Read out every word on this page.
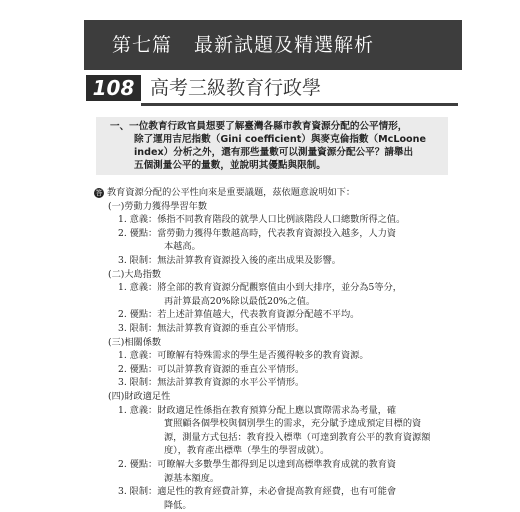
第七篇 最新試題及精選解析
108 高考三級教育行政學
一、一位教育行政官員想要了解臺灣各縣市教育資源分配的公平情形，
除了運用吉尼指數（Gini coefficient）與麥克倫指數（McLoone
index）分析之外，還有那些量數可以測量資源分配公平？請舉出
五個測量公平的量數，並說明其優點與限制。
答 教育資源分配的公平性向來是重要議題，茲依題意說明如下：
(一)勞動力獲得學習年數
1. 意義：係指不同教育階段的就學人口比例該階段人口總數所得之值。
2. 優點：當勞動力獲得年數越高時，代表教育資源投入越多，人力資
本越高。
3. 限制：無法計算教育資源投入後的產出成果及影響。
(二)大島指數
1. 意義：將全部的教育資源分配觀察值由小到大排序，並分為5等分，
再計算最高20%除以最低20%之值。
2. 優點：若上述計算值越大，代表教育資源分配越不平均。
3. 限制：無法計算教育資源的垂直公平情形。
(三)相關係數
1. 意義：可瞭解有特殊需求的學生是否獲得較多的教育資源。
2. 優點：可以計算教育資源的垂直公平情形。
3. 限制：無法計算教育資源的水平公平情形。
(四)財政適足性
1. 意義：財政適足性係指在教育預算分配上應以實際需求為考量，確
實照顧各個學校與個別學生的需求，充分賦予達成預定目標的資
源，測量方式包括：教育投入標準（可達到教育公平的教育資源額
度），教育產出標準（學生的學習成就）。
2. 優點：可瞭解大多數學生都得到足以達到高標準教育成就的教育資
源基本額度。
3. 限制：適足性的教育經費計算，未必會提高教育經費，也有可能會
降低。
